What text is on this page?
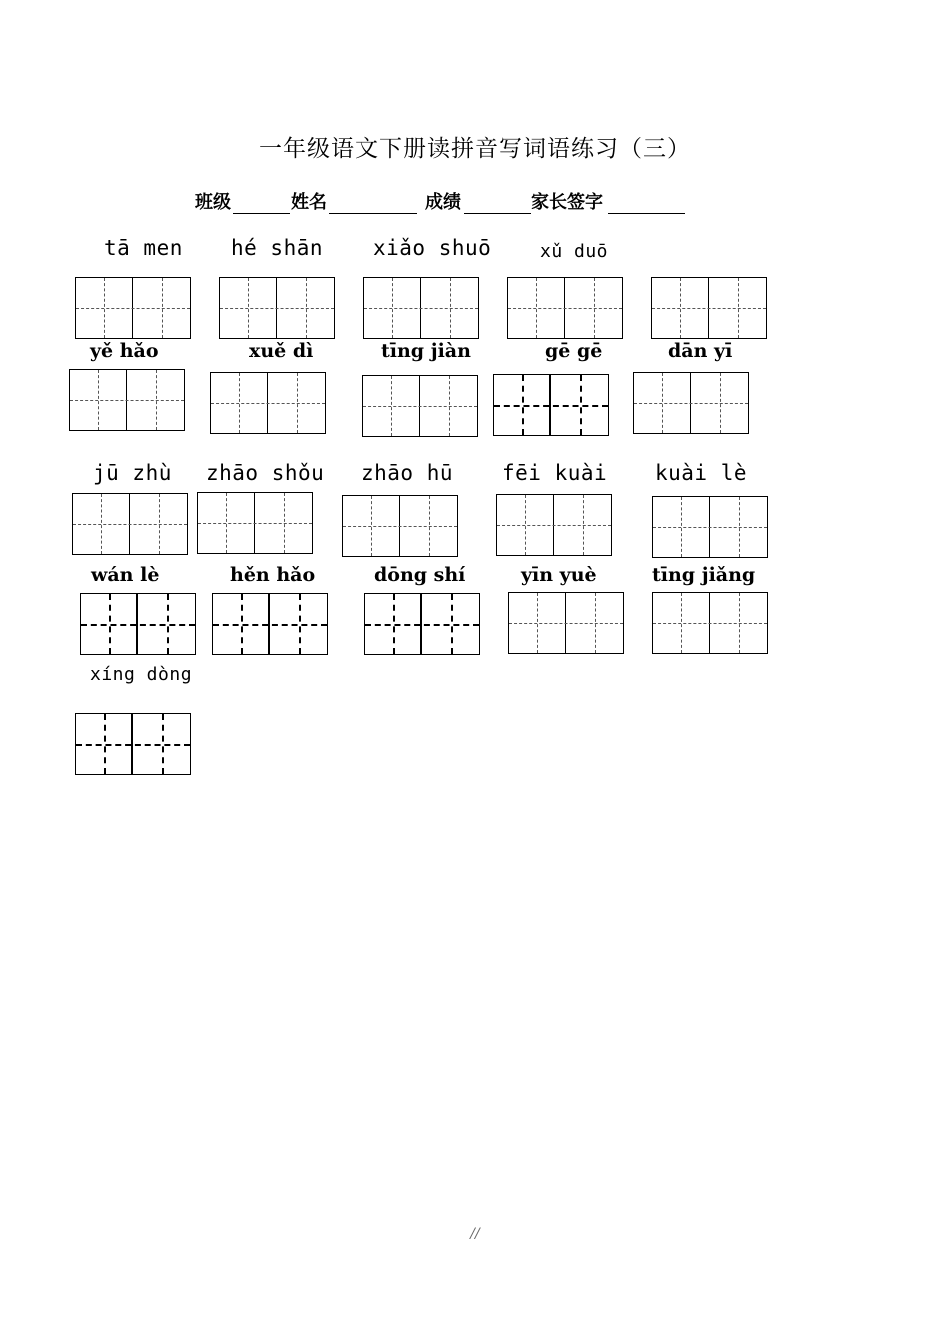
一年级语文下册读拼音写词语练习（三）
班级	姓名	成绩	家长签字
tā men hé shān xiǎo shuō	xǔ duō
yě hǎo	xuě dì	tīng jiàn	gē gē	dān yī
jū zhù zhāo shǒu zhāo hū fēi kuài kuài lè
wán lè	hěn hǎo	dōng shí	yīn yuè	tīng jiǎng
xíng dòng
//
